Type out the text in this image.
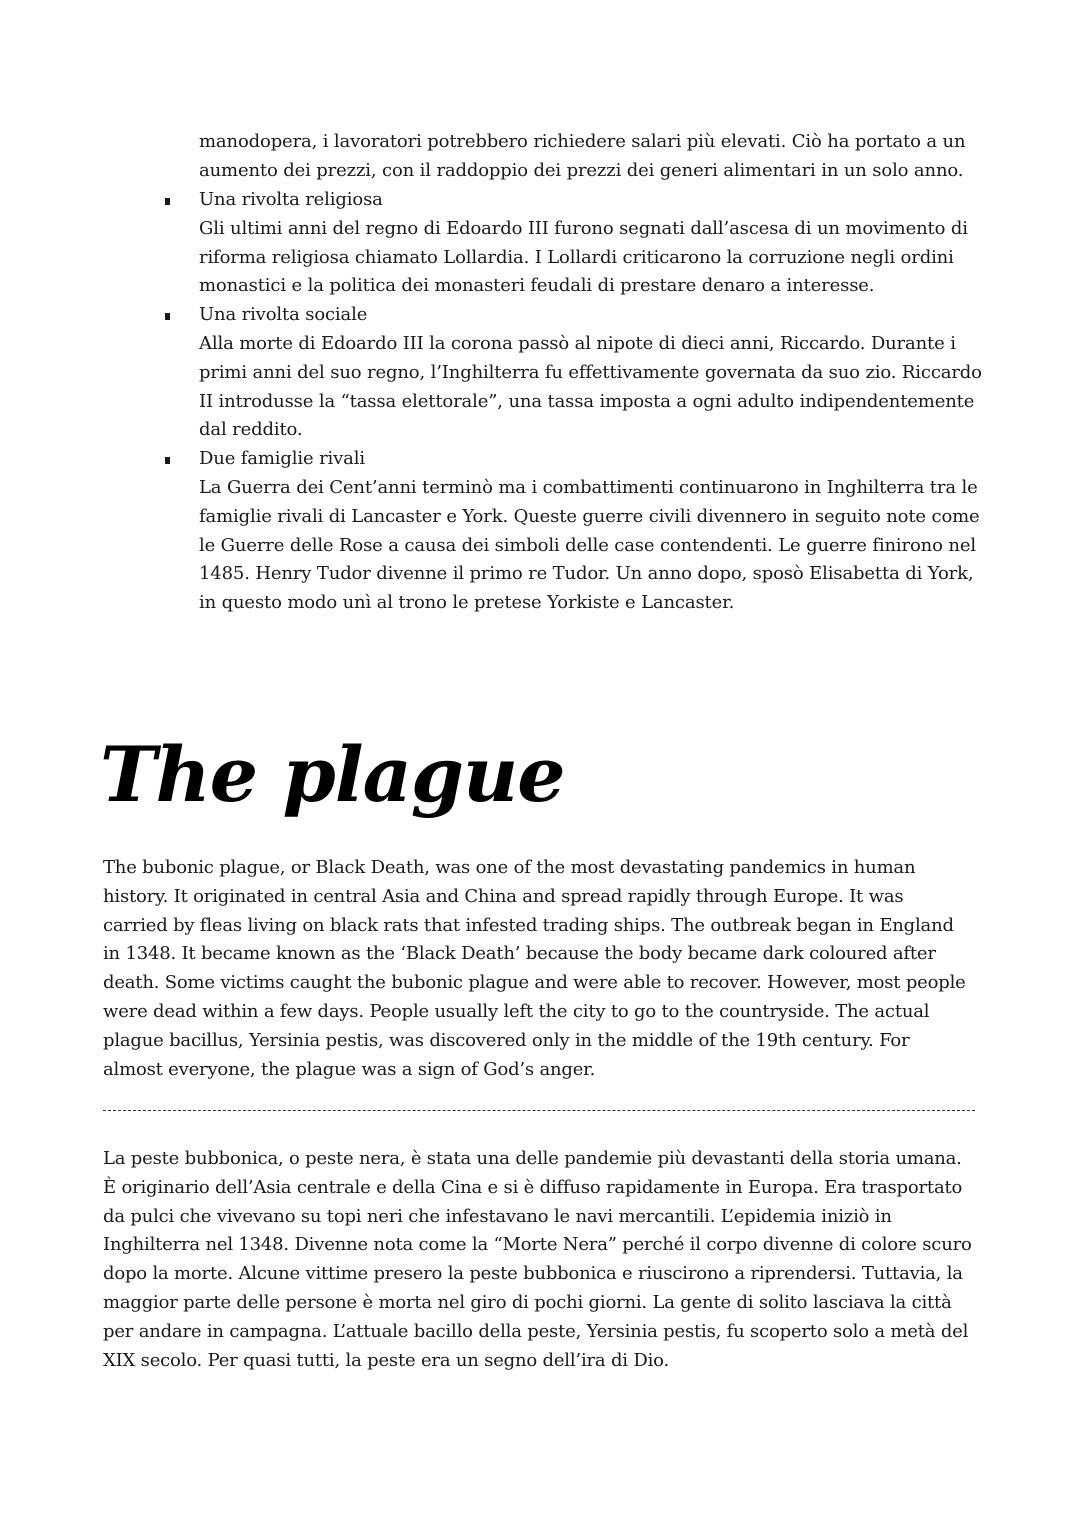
manodopera, i lavoratori potrebbero richiedere salari più elevati. Ciò ha portato a un aumento dei prezzi, con il raddoppio dei prezzi dei generi alimentari in un solo anno.

Una rivolta religiosa
Gli ultimi anni del regno di Edoardo III furono segnati dall’ascesa di un movimento di riforma religiosa chiamato Lollardia. I Lollardi criticarono la corruzione negli ordini monastici e la politica dei monasteri feudali di prestare denaro a interesse.
Una rivolta sociale
Alla morte di Edoardo III la corona passò al nipote di dieci anni, Riccardo. Durante i primi anni del suo regno, l’Inghilterra fu effettivamente governata da suo zio. Riccardo II introdusse la “tassa elettorale”, una tassa imposta a ogni adulto indipendentemente dal reddito.
Due famiglie rivali
La Guerra dei Cent’anni terminò ma i combattimenti continuarono in Inghilterra tra le famiglie rivali di Lancaster e York. Queste guerre civili divennero in seguito note come le Guerre delle Rose a causa dei simboli delle case contendenti. Le guerre finirono nel 1485. Henry Tudor divenne il primo re Tudor. Un anno dopo, sposò Elisabetta di York, in questo modo unì al trono le pretese Yorkiste e Lancaster.
The plague

The bubonic plague, or Black Death, was one of the most devastating pandemics in human history. It originated in central Asia and China and spread rapidly through Europe. It was carried by fleas living on black rats that infested trading ships. The outbreak began in England in 1348. It became known as the ‘Black Death’ because the body became dark coloured after death. Some victims caught the bubonic plague and were able to recover. However, most people were dead within a few days. People usually left the city to go to the countryside. The actual plague bacillus, Yersinia pestis, was discovered only in the middle of the 19th century. For almost everyone, the plague was a sign of God’s anger.

La peste bubbonica, o peste nera, è stata una delle pandemie più devastanti della storia umana. È originario dell’Asia centrale e della Cina e si è diffuso rapidamente in Europa. Era trasportato da pulci che vivevano su topi neri che infestavano le navi mercantili. L’epidemia iniziò in Inghilterra nel 1348. Divenne nota come la “Morte Nera” perché il corpo divenne di colore scuro dopo la morte. Alcune vittime presero la peste bubbonica e riuscirono a riprendersi. Tuttavia, la maggior parte delle persone è morta nel giro di pochi giorni. La gente di solito lasciava la città per andare in campagna. L’attuale bacillo della peste, Yersinia pestis, fu scoperto solo a metà del XIX secolo. Per quasi tutti, la peste era un segno dell’ira di Dio.
